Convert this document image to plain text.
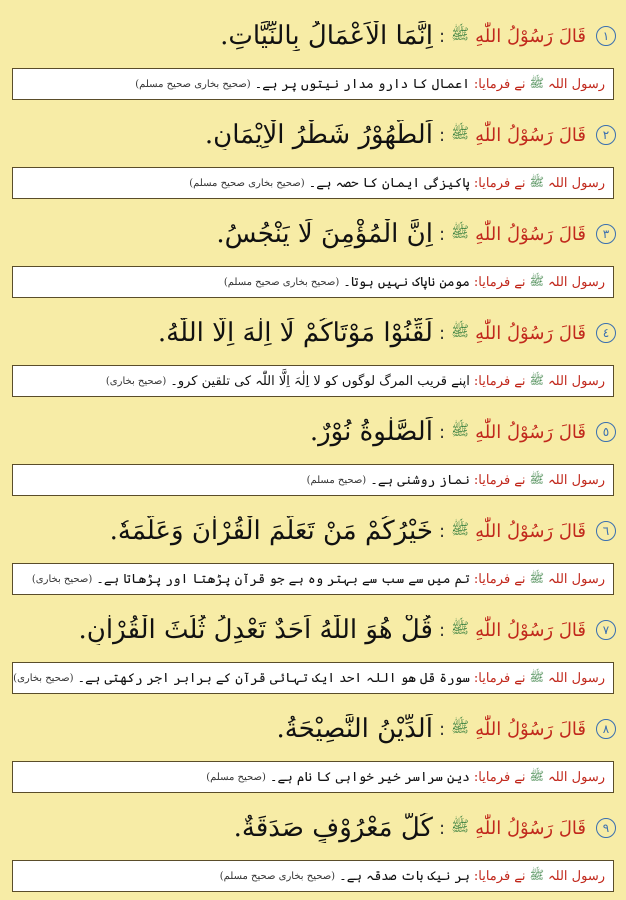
١
قَالَ رَسُوْلُ اللّٰهِ
ﷺ
:
اِنَّمَا الْاَعْمَالُ بِالنِّيَّاتِ.
رسول اللہ
ﷺ
نے فرمایا:
اعمال کا دارو مدار نیتوں پر ہے۔
(صحیح بخاری صحیح مسلم)
٢
قَالَ رَسُوْلُ اللّٰهِ
ﷺ
:
اَلطُّهُوْرُ شَطْرُ الْاِيْمَانِ.
رسول اللہ
ﷺ
نے فرمایا:
پاکیزگی ایمان کا حصہ ہے۔
(صحیح بخاری صحیح مسلم)
٣
قَالَ رَسُوْلُ اللّٰهِ
ﷺ
:
اِنَّ الْمُؤْمِنَ لَا يَنْجُسُ.
رسول اللہ
ﷺ
نے فرمایا:
مومن ناپاک نہیں ہوتا۔
(صحیح بخاری صحیح مسلم)
٤
قَالَ رَسُوْلُ اللّٰهِ
ﷺ
:
لَقِّنُوْا مَوْتَاكُمْ لَا اِلٰهَ اِلَّا اللّٰهُ.
رسول اللہ
ﷺ
نے فرمایا:
اپنے قریب المرگ لوگوں کو لا اِلٰہَ اِلَّا اللّٰہ کی تلقین کرو۔
(صحیح بخاری)
٥
قَالَ رَسُوْلُ اللّٰهِ
ﷺ
:
اَلصَّلٰوةُ نُوْرٌ.
رسول اللہ
ﷺ
نے فرمایا:
نماز روشنی ہے۔
(صحیح مسلم)
٦
قَالَ رَسُوْلُ اللّٰهِ
ﷺ
:
خَيْرُكُمْ مَنْ تَعَلَّمَ الْقُرْاٰنَ وَعَلَّمَهٗ.
رسول اللہ
ﷺ
نے فرمایا:
تم میں سے سب سے بہتر وہ ہے جو قرآن پڑھتا اور پڑھاتا ہے۔
(صحیح بخاری)
٧
قَالَ رَسُوْلُ اللّٰهِ
ﷺ
:
قُلْ هُوَ اللّٰهُ اَحَدٌ تَعْدِلُ ثُلُثَ الْقُرْاٰنِ.
رسول اللہ
ﷺ
نے فرمایا:
سورۃ قل ھو اللہ احد ایک تہائی قرآن کے برابر اجر رکھتی ہے۔
(صحیح بخاری)
٨
قَالَ رَسُوْلُ اللّٰهِ
ﷺ
:
اَلدِّيْنُ النَّصِيْحَةُ.
رسول اللہ
ﷺ
نے فرمایا:
دین سراسر خیر خواہی کا نام ہے۔
(صحیح مسلم)
٩
قَالَ رَسُوْلُ اللّٰهِ
ﷺ
:
كُلُّ مَعْرُوْفٍ صَدَقَةٌ.
رسول اللہ
ﷺ
نے فرمایا:
ہر نیک بات صدقہ ہے۔
(صحیح بخاری صحیح مسلم)
